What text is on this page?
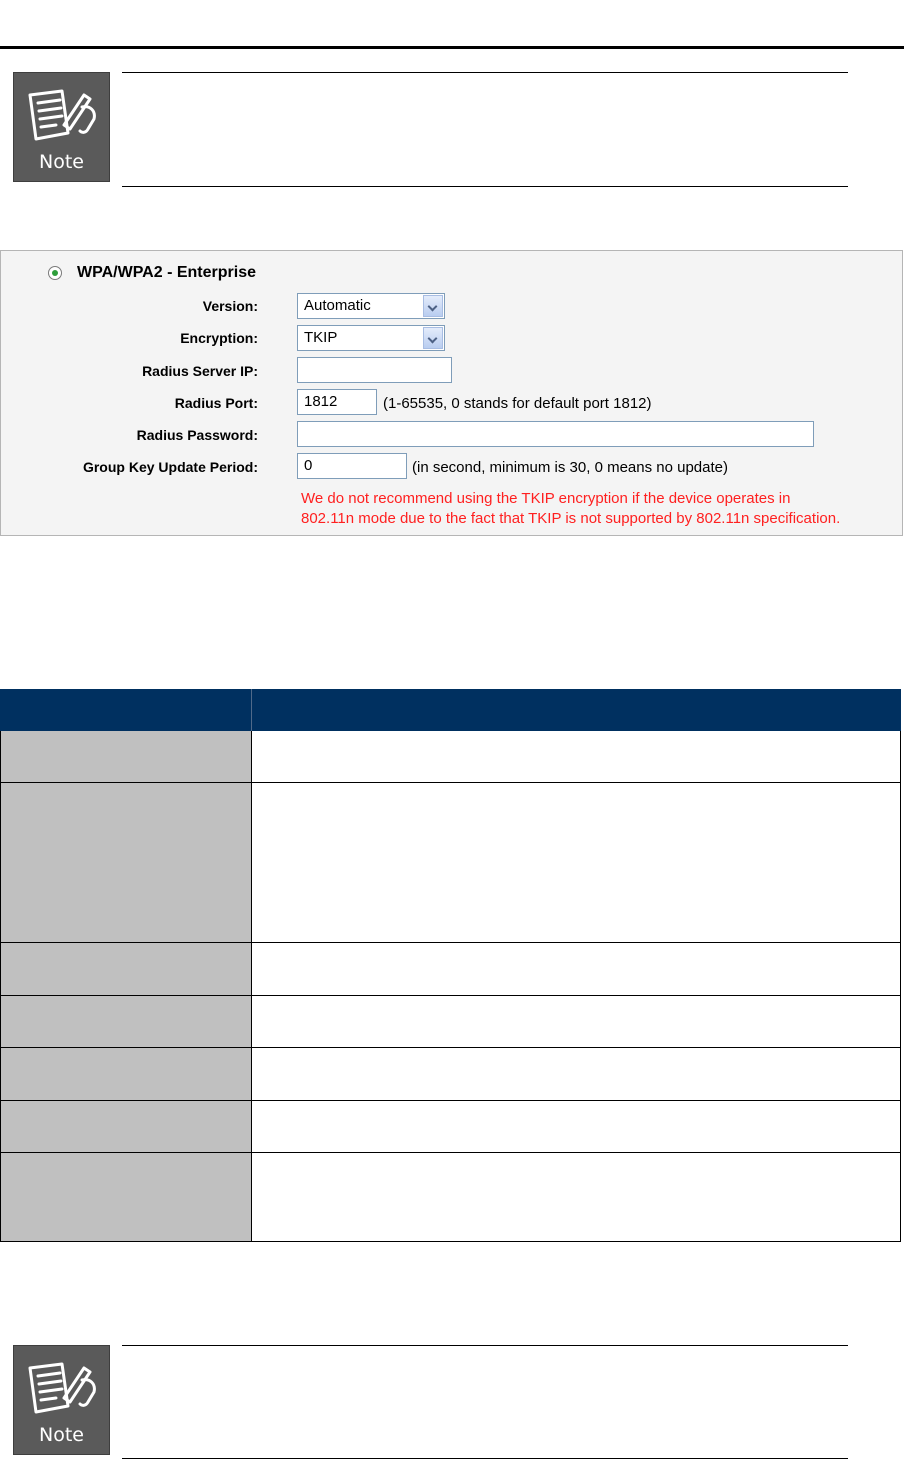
Note
WPA/WPA2 - Enterprise
Version:	Automatic
Encryption:	TKIP
Radius Server IP:
Radius Port:	1812	(1-65535, 0 stands for default port 1812)
Radius Password:
Group Key Update Period:	0	(in second, minimum is 30, 0 means no update)
We do not recommend using the TKIP encryption if the device operates in
802.11n mode due to the fact that TKIP is not supported by 802.11n specification.
Note
